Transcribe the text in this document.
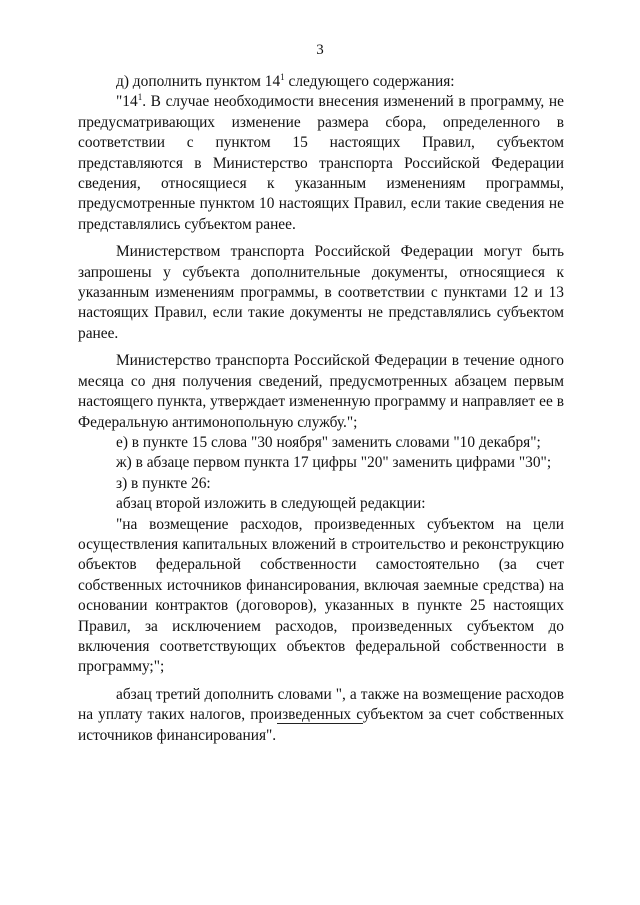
3

д) дополнить пунктом $14^1$ следующего содержания:

"$14^1$. В случае необходимости внесения изменений в программу, не предусматривающих изменение размера сбора, определенного в соответствии с пунктом 15 настоящих Правил, субъектом представляются в Министерство транспорта Российской Федерации сведения, относящиеся к указанным изменениям программы, предусмотренные пунктом 10 настоящих Правил, если такие сведения не представлялись субъектом ранее.

Министерством транспорта Российской Федерации могут быть запрошены у субъекта дополнительные документы, относящиеся к указанным изменениям программы, в соответствии с пунктами 12 и 13 настоящих Правил, если такие документы не представлялись субъектом ранее.

Министерство транспорта Российской Федерации в течение одного месяца со дня получения сведений, предусмотренных абзацем первым настоящего пункта, утверждает измененную программу и направляет ее в Федеральную антимонопольную службу.";

е) в пункте 15 слова "30 ноября" заменить словами "10 декабря";

ж) в абзаце первом пункта 17 цифры "20" заменить цифрами "30";

з) в пункте 26:

абзац второй изложить в следующей редакции:

"на возмещение расходов, произведенных субъектом на цели осуществления капитальных вложений в строительство и реконструкцию объектов федеральной собственности самостоятельно (за счет собственных источников финансирования, включая заемные средства) на основании контрактов (договоров), указанных в пункте 25 настоящих Правил, за исключением расходов, произведенных субъектом до включения соответствующих объектов федеральной собственности в программу;";

абзац третий дополнить словами ", а также на возмещение расходов на уплату таких налогов, произведенных субъектом за счет собственных источников финансирования".
